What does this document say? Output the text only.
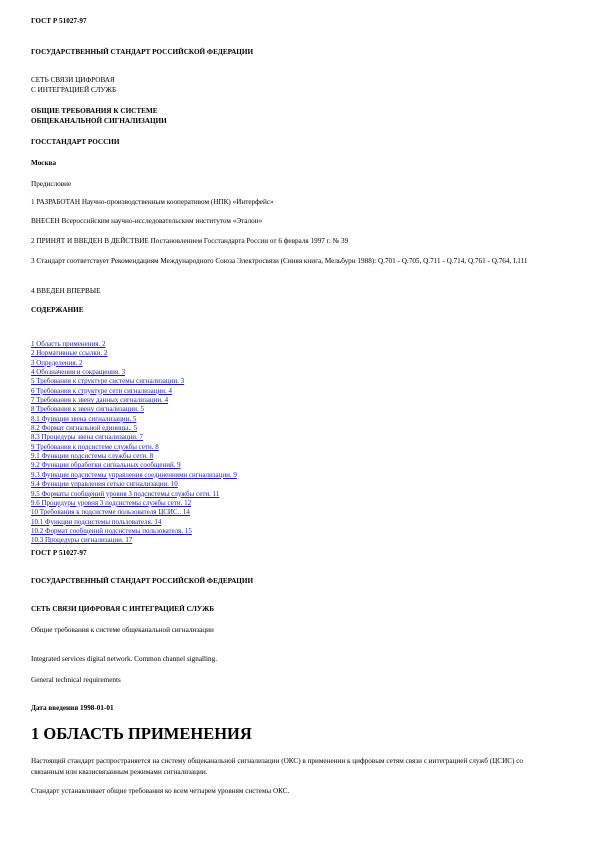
ГОСТ Р 51027-97
ГОСУДАРСТВЕННЫЙ СТАНДАРТ РОССИЙСКОЙ ФЕДЕРАЦИИ
СЕТЬ СВЯЗИ ЦИФРОВАЯ
С ИНТЕГРАЦИЕЙ СЛУЖБ
ОБЩИЕ ТРЕБОВАНИЯ К СИСТЕМЕ
ОБЩЕКАНАЛЬНОЙ СИГНАЛИЗАЦИИ
ГОССТАНДАРТ РОССИИ
Москва
Предисловие
1 РАЗРАБОТАН Научно-производственным кооперативом (НПК) «Интерфейс»
ВНЕСЕН Всероссийским научно-исследовательским институтом «Эталон»
2 ПРИНЯТ И ВВЕДЕН В ДЕЙСТВИЕ Постановлением Госстандарта России от 6 февраля 1997 г. № 39
3 Стандарт соответствует Рекомендациям Международного Союза Электросвязи (Синяя книга, Мельбурн 1988): Q.701 - Q.705, Q.711 - Q.714, Q.761 - Q.764, I.111
4 ВВЕДЕН ВПЕРВЫЕ
СОДЕРЖАНИЕ
1 Область применения. 2
2 Нормативные ссылки. 2
3 Определения. 2
4 Обозначения и сокращения. 3
5 Требования к структуре системы сигнализации. 3
6 Требования к структуре сети сигнализации. 4
7 Требования к звену данных сигнализации. 4
8 Требования к звену сигнализации. 5
8.1 Функции звена сигнализации. 5
8.2 Формат сигнальной единицы.. 5
8.3 Процедуры звена сигнализации. 7
9 Требования к подсистеме службы сети. 8
9.1 Функции подсистемы службы сети. 8
9.2 Функции обработки сигнальных сообщений. 9
9.3 Функции подсистемы управления соединениями сигнализации. 9
9.4 Функции управления сетью сигнализации. 10
9.5 Форматы сообщений уровня 3 подсистемы службы сети. 11
9.6 Процедуры уровня 3 подсистемы службы сети. 12
10 Требования к подсистеме пользователя ЦСИС.. 14
10.1 Функции подсистемы пользователя. 14
10.2 Формат сообщений подсистемы пользователя. 15
10.3 Процедуры сигнализации. 17
ГОСТ Р 51027-97
ГОСУДАРСТВЕННЫЙ СТАНДАРТ РОССИЙСКОЙ ФЕДЕРАЦИИ
СЕТЬ СВЯЗИ ЦИФРОВАЯ С ИНТЕГРАЦИЕЙ СЛУЖБ
Общие требования к системе общеканальной сигнализации
Integrated services digital network. Common channel signalling.
General technical requirements
Дата введения 1998-01-01
1 ОБЛАСТЬ ПРИМЕНЕНИЯ
Настоящий стандарт распространяется на систему общеканальной сигнализации (ОКС) в применении к цифровым сетям связи с интеграцией служб (ЦСИС) со связанным или квазисвязанным режимами сигнализации.
Стандарт устанавливает общие требования ко всем четырем уровням системы ОКС.
